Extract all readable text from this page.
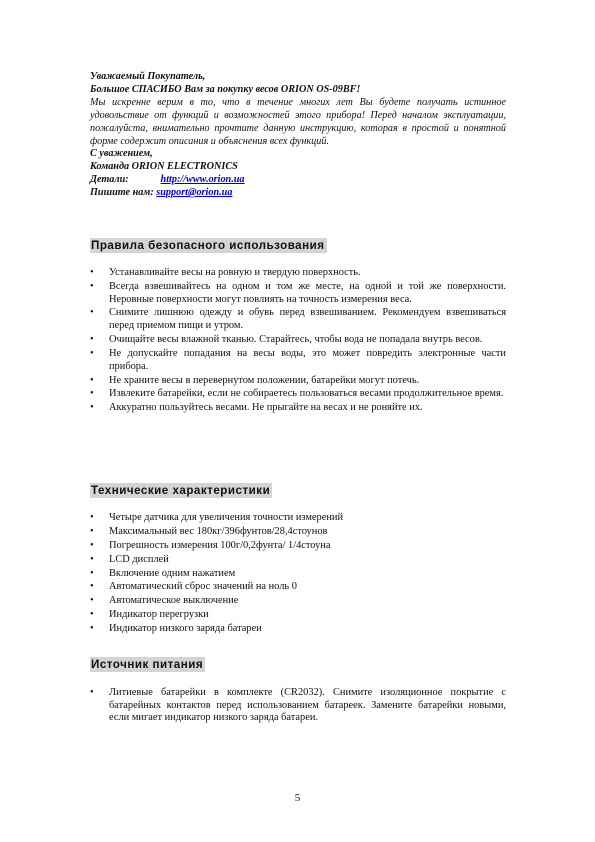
Уважаемый Покупатель,
Большое СПАСИБО Вам за покупку весов ORION OS-09BF!
Мы искренне верим в то, что в течение многих лет Вы будете получать истинное удовольствие от функций и возможностей этого прибора! Перед началом эксплуатации, пожалуйста, внимательно прочтите данную инструкцию, которая в простой и понятной форме содержит описания и объяснения всех функций.
С уважением,
Команда ORION ELECTRONICS
Детали:	http://www.orion.ua
Пишите нам: support@orion.ua
Правила безопасного использования
•	Устанавливайте весы на ровную и твердую поверхность.
•	Всегда взвешивайтесь на одном и том же месте, на одной и той же поверхности. Неровные поверхности могут повлиять на точность измерения веса.
•	Снимите лишнюю одежду и обувь перед взвешиванием. Рекомендуем взвешиваться перед приемом пищи и утром.
•	Очищайте весы влажной тканью. Старайтесь, чтобы вода не попадала внутрь весов.
•	Не допускайте попадания на весы воды, это может повредить электронные части прибора.
•	Не храните весы в перевернутом положении, батарейки могут потечь.
•	Извлеките батарейки, если не собираетесь пользоваться весами продолжительное время.
•	Аккуратно пользуйтесь весами. Не прыгайте на весах и не роняйте их.
Технические характеристики
•	Четыре датчика для увеличения точности измерений
•	Максимальный вес 180кг/396фунтов/28,4стоунов
•	Погрешность измерения 100г/0,2фунта/ 1/4стоуна
•	LCD дисплей
•	Включение одним нажатием
•	Автоматический сброс значений на ноль 0
•	Автоматическое выключение
•	Индикатор перегрузки
•	Индикатор низкого заряда батареи
Источник питания
•	Литиевые батарейки в комплекте (CR2032). Снимите изоляционное покрытие с батарейных контактов перед использованием батареек. Замените батарейки новыми, если мигает индикатор низкого заряда батареи.
5
